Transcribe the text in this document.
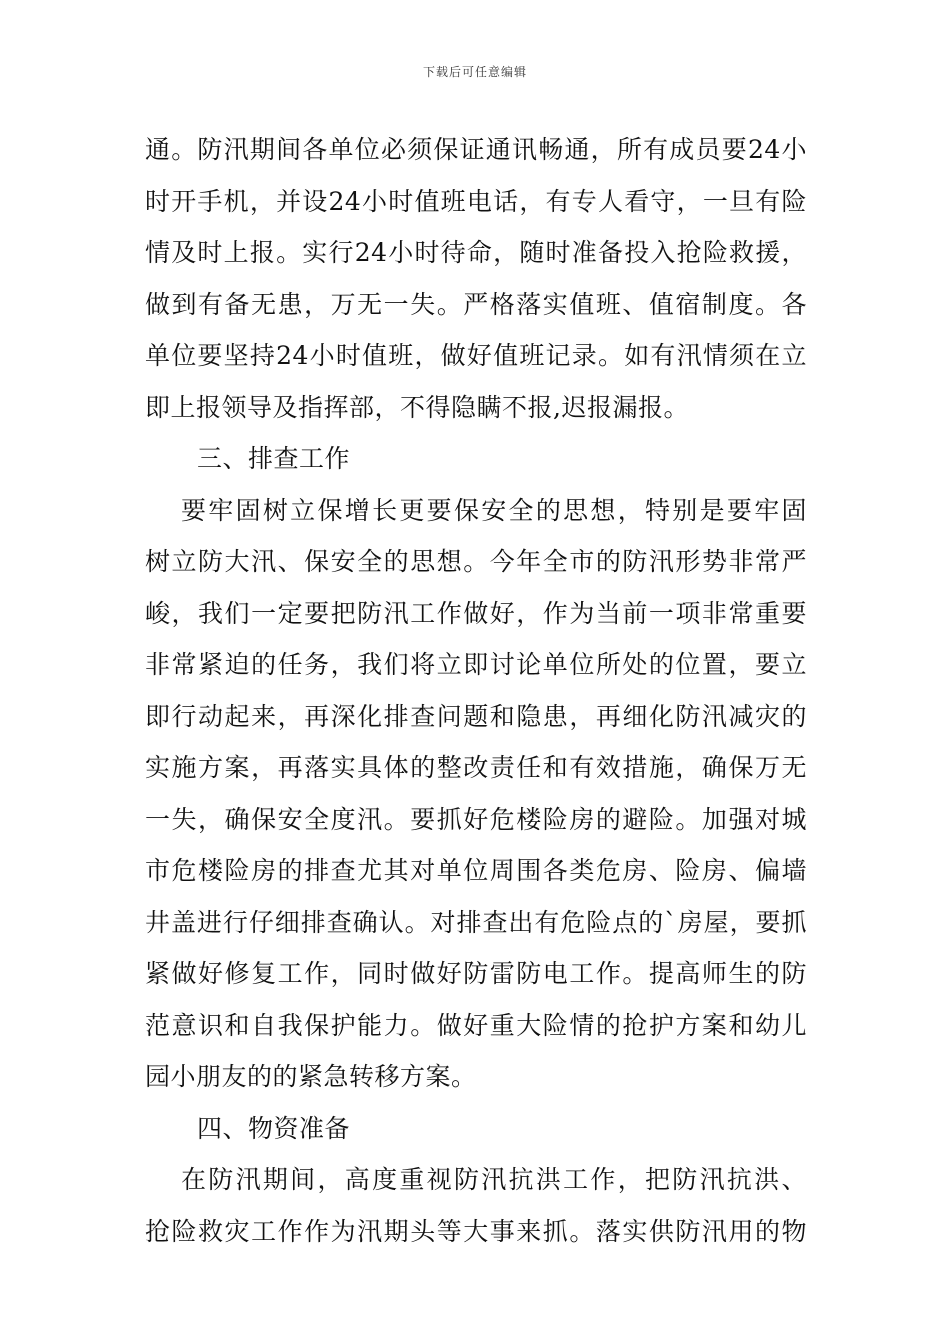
下载后可任意编辑
通。防汛期间各单位必须保证通讯畅通，所有成员要24小
时开手机，并设24小时值班电话，有专人看守，一旦有险
情及时上报。实行24小时待命，随时准备投入抢险救援，
做到有备无患，万无一失。严格落实值班、值宿制度。各
单位要坚持24小时值班，做好值班记录。如有汛情须在立
即上报领导及指挥部，不得隐瞒不报,迟报漏报。
三、排查工作
要牢固树立保增长更要保安全的思想，特别是要牢固
树立防大汛、保安全的思想。今年全市的防汛形势非常严
峻，我们一定要把防汛工作做好，作为当前一项非常重要
非常紧迫的任务，我们将立即讨论单位所处的位置，要立
即行动起来，再深化排查问题和隐患，再细化防汛减灾的
实施方案，再落实具体的整改责任和有效措施，确保万无
一失，确保安全度汛。要抓好危楼险房的避险。加强对城
市危楼险房的排查尤其对单位周围各类危房、险房、偏墙
井盖进行仔细排查确认。对排查出有危险点的`房屋，要抓
紧做好修复工作，同时做好防雷防电工作。提高师生的防
范意识和自我保护能力。做好重大险情的抢护方案和幼儿
园小朋友的的紧急转移方案。
四、物资准备
在防汛期间，高度重视防汛抗洪工作，把防汛抗洪、
抢险救灾工作作为汛期头等大事来抓。落实供防汛用的物
